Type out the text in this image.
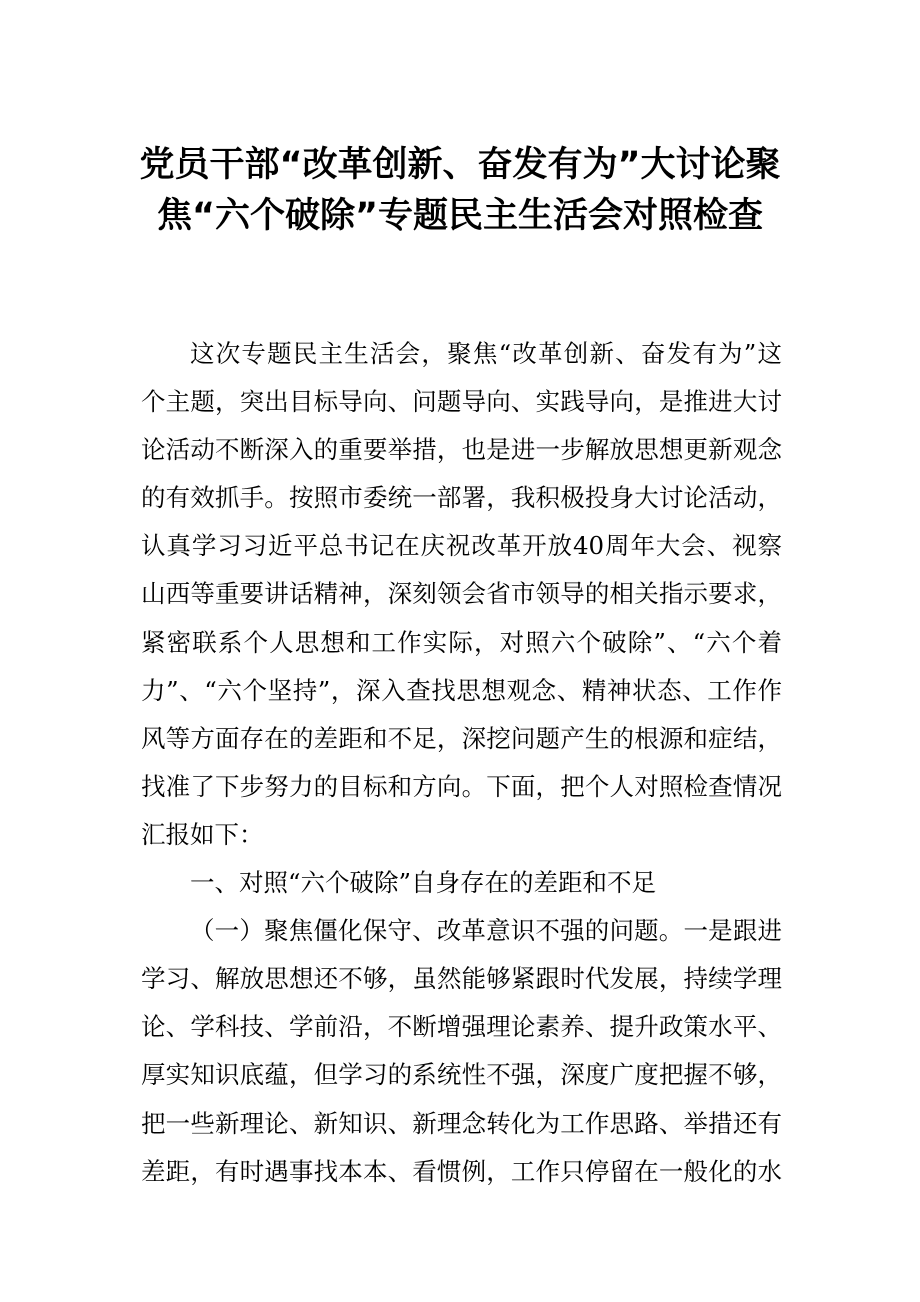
党员干部“改革创新、奋发有为”大讨论聚
焦“六个破除”专题民主生活会对照检查
这次专题民主生活会，聚焦“改革创新、奋发有为”这
个主题，突出目标导向、问题导向、实践导向，是推进大讨
论活动不断深入的重要举措，也是进一步解放思想更新观念
的有效抓手。按照市委统一部署，我积极投身大讨论活动，
认真学习习近平总书记在庆祝改革开放40周年大会、视察
山西等重要讲话精神，深刻领会省市领导的相关指示要求，
紧密联系个人思想和工作实际，对照六个破除”、“六个着
力”、“六个坚持”，深入查找思想观念、精神状态、工作作
风等方面存在的差距和不足，深挖问题产生的根源和症结，
找准了下步努力的目标和方向。下面，把个人对照检查情况
汇报如下：
一、对照“六个破除”自身存在的差距和不足
（一）聚焦僵化保守、改革意识不强的问题。一是跟进
学习、解放思想还不够，虽然能够紧跟时代发展，持续学理
论、学科技、学前沿，不断增强理论素养、提升政策水平、
厚实知识底蕴，但学习的系统性不强，深度广度把握不够，
把一些新理论、新知识、新理念转化为工作思路、举措还有
差距，有时遇事找本本、看惯例，工作只停留在一般化的水
